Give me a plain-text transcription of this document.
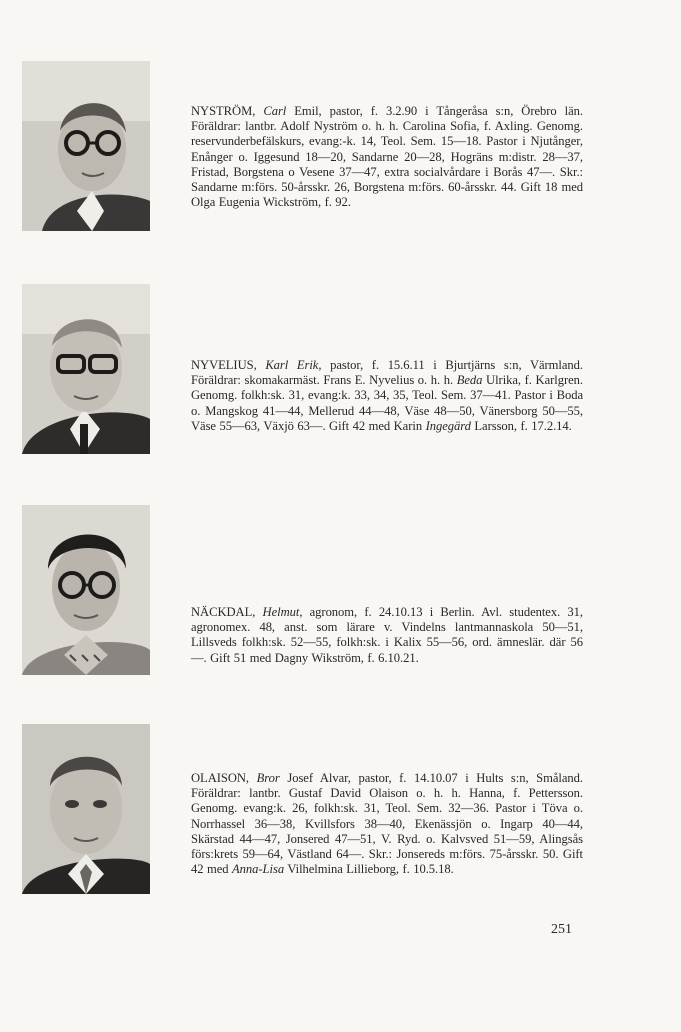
NYSTRÖM, Carl Emil, pastor, f. 3.2.90 i Tångeråsa s:n, Örebro län. Föräldrar: lantbr. Adolf Nyström o. h. h. Carolina Sofia, f. Axling. Genomg. reservunderbefälskurs, evang:-k. 14, Teol. Sem. 15—18. Pastor i Njutånger, Enånger o. Iggesund 18—20, Sandarne 20—28, Hogräns m:distr. 28—37, Fristad, Borgstena o Vesene 37—47, extra socialvårdare i Borås 47—. Skr.: Sandarne m:förs. 50-årsskr. 26, Borgstena m:förs. 60-årsskr. 44. Gift 18 med Olga Eugenia Wickström, f. 92.
NYVELIUS, Karl Erik, pastor, f. 15.6.11 i Bjurtjärns s:n, Värmland. Föräldrar: skomakarmäst. Frans E. Nyvelius o. h. h. Beda Ulrika, f. Karlgren. Genomg. folkh:sk. 31, evang:k. 33, 34, 35, Teol. Sem. 37—41. Pastor i Boda o. Mangskog 41—44, Mellerud 44—48, Väse 48—50, Vänersborg 50—55, Väse 55—63, Växjö 63—. Gift 42 med Karin Ingegärd Larsson, f. 17.2.14.
NÄCKDAL, Helmut, agronom, f. 24.10.13 i Berlin. Avl. studentex. 31, agronomex. 48, anst. som lärare v. Vindelns lantmannaskola 50—51, Lillsveds folkh:sk. 52—55, folkh:sk. i Kalix 55—56, ord. ämneslär. där 56—. Gift 51 med Dagny Wikström, f. 6.10.21.
OLAISON, Bror Josef Alvar, pastor, f. 14.10.07 i Hults s:n, Småland. Föräldrar: lantbr. Gustaf David Olaison o. h. h. Hanna, f. Pettersson. Genomg. evang:k. 26, folkh:sk. 31, Teol. Sem. 32—36. Pastor i Töva o. Norrhassel 36—38, Kvillsfors 38—40, Ekenässjön o. Ingarp 40—44, Skärstad 44—47, Jonsered 47—51, V. Ryd. o. Kalvsved 51—59, Alingsås förs:krets 59—64, Västland 64—. Skr.: Jonsereds m:förs. 75-årsskr. 50. Gift 42 med Anna-Lisa Vilhelmina Lillieborg, f. 10.5.18.
251
